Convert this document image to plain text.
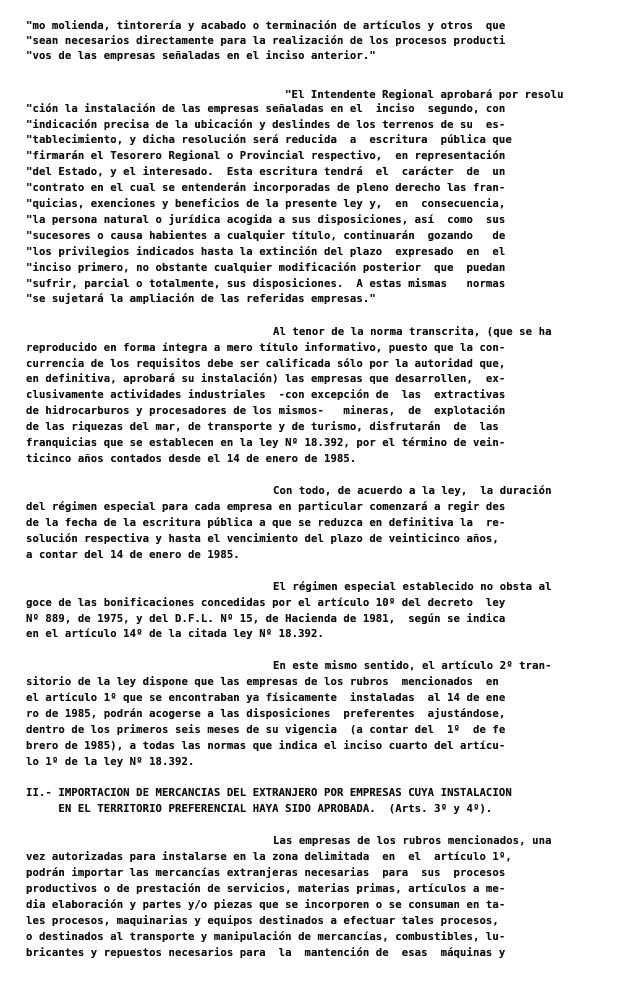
"mo molienda, tintorería y acabado o terminación de artículos y otros  que
"sean necesarios directamente para la realización de los procesos producti
"vos de las empresas señaladas en el inciso anterior."
"El Intendente Regional aprobará por resolu
"ción la instalación de las empresas señaladas en el  inciso  segundo, con
"indicación precisa de la ubicación y deslindes de los terrenos de su  es-
"tablecimiento, y dicha resolución será reducida  a  escritura  pública que
"firmarán el Tesorero Regional o Provincial respectivo,  en representación
"del Estado, y el interesado.  Esta escritura tendrá  el  carácter  de  un
"contrato en el cual se entenderán incorporadas de pleno derecho las fran-
"quicias, exenciones y beneficios de la presente ley y,  en  consecuencia,
"la persona natural o jurídica acogida a sus disposiciones, así  como  sus
"sucesores o causa habientes a cualquier título, continuarán  gozando   de
"los privilegios indicados hasta la extinción del plazo  expresado  en  el
"inciso primero, no obstante cualquier modificación posterior  que  puedan
"sufrir, parcial o totalmente, sus disposiciones.  A estas mismas   normas
"se sujetará la ampliación de las referidas empresas."
Al tenor de la norma transcrita, (que se ha
reproducido en forma íntegra a mero título informativo, puesto que la con-
currencia de los requisitos debe ser calificada sólo por la autoridad que,
en definitiva, aprobará su instalación) las empresas que desarrollen,  ex-
clusivamente actividades industriales  -con excepción de  las  extractivas
de hidrocarburos y procesadores de los mismos-   mineras,  de  explotación
de las riquezas del mar, de transporte y de turismo, disfrutarán  de  las
franquicias que se establecen en la ley Nº 18.392, por el término de vein-
ticinco años contados desde el 14 de enero de 1985.
Con todo, de acuerdo a la ley,  la duración
del régimen especial para cada empresa en particular comenzará a regir des
de la fecha de la escritura pública a que se reduzca en definitiva la  re-
solución respectiva y hasta el vencimiento del plazo de veinticinco años,
a contar del 14 de enero de 1985.
El régimen especial establecido no obsta al
goce de las bonificaciones concedidas por el artículo 10º del decreto  ley
Nº 889, de 1975, y del D.F.L. Nº 15, de Hacienda de 1981,  según se indica
en el artículo 14º de la citada ley Nº 18.392.
En este mismo sentido, el artículo 2º tran-
sitorio de la ley dispone que las empresas de los rubros  mencionados  en
el artículo 1º que se encontraban ya físicamente  instaladas  al 14 de ene
ro de 1985, podrán acogerse a las disposiciones  preferentes  ajustándose,
dentro de los primeros seis meses de su vigencia  (a contar del  1º  de fe
brero de 1985), a todas las normas que indica el inciso cuarto del artícu-
lo 1º de la ley Nº 18.392.
II.- IMPORTACION DE MERCANCIAS DEL EXTRANJERO POR EMPRESAS CUYA INSTALACION
EN EL TERRITORIO PREFERENCIAL HAYA SIDO APROBADA.  (Arts. 3º y 4º).
Las empresas de los rubros mencionados, una
vez autorizadas para instalarse en la zona delimitada  en  el  artículo 1º,
podrán importar las mercancías extranjeras necesarias  para  sus  procesos
productivos o de prestación de servicios, materias primas, artículos a me-
dia elaboración y partes y/o piezas que se incorporen o se consuman en ta-
les procesos, maquinarias y equipos destinados a efectuar tales procesos,
o destinados al transporte y manipulación de mercancías, combustibles, lu-
bricantes y repuestos necesarios para  la  mantención de  esas  máquinas y
